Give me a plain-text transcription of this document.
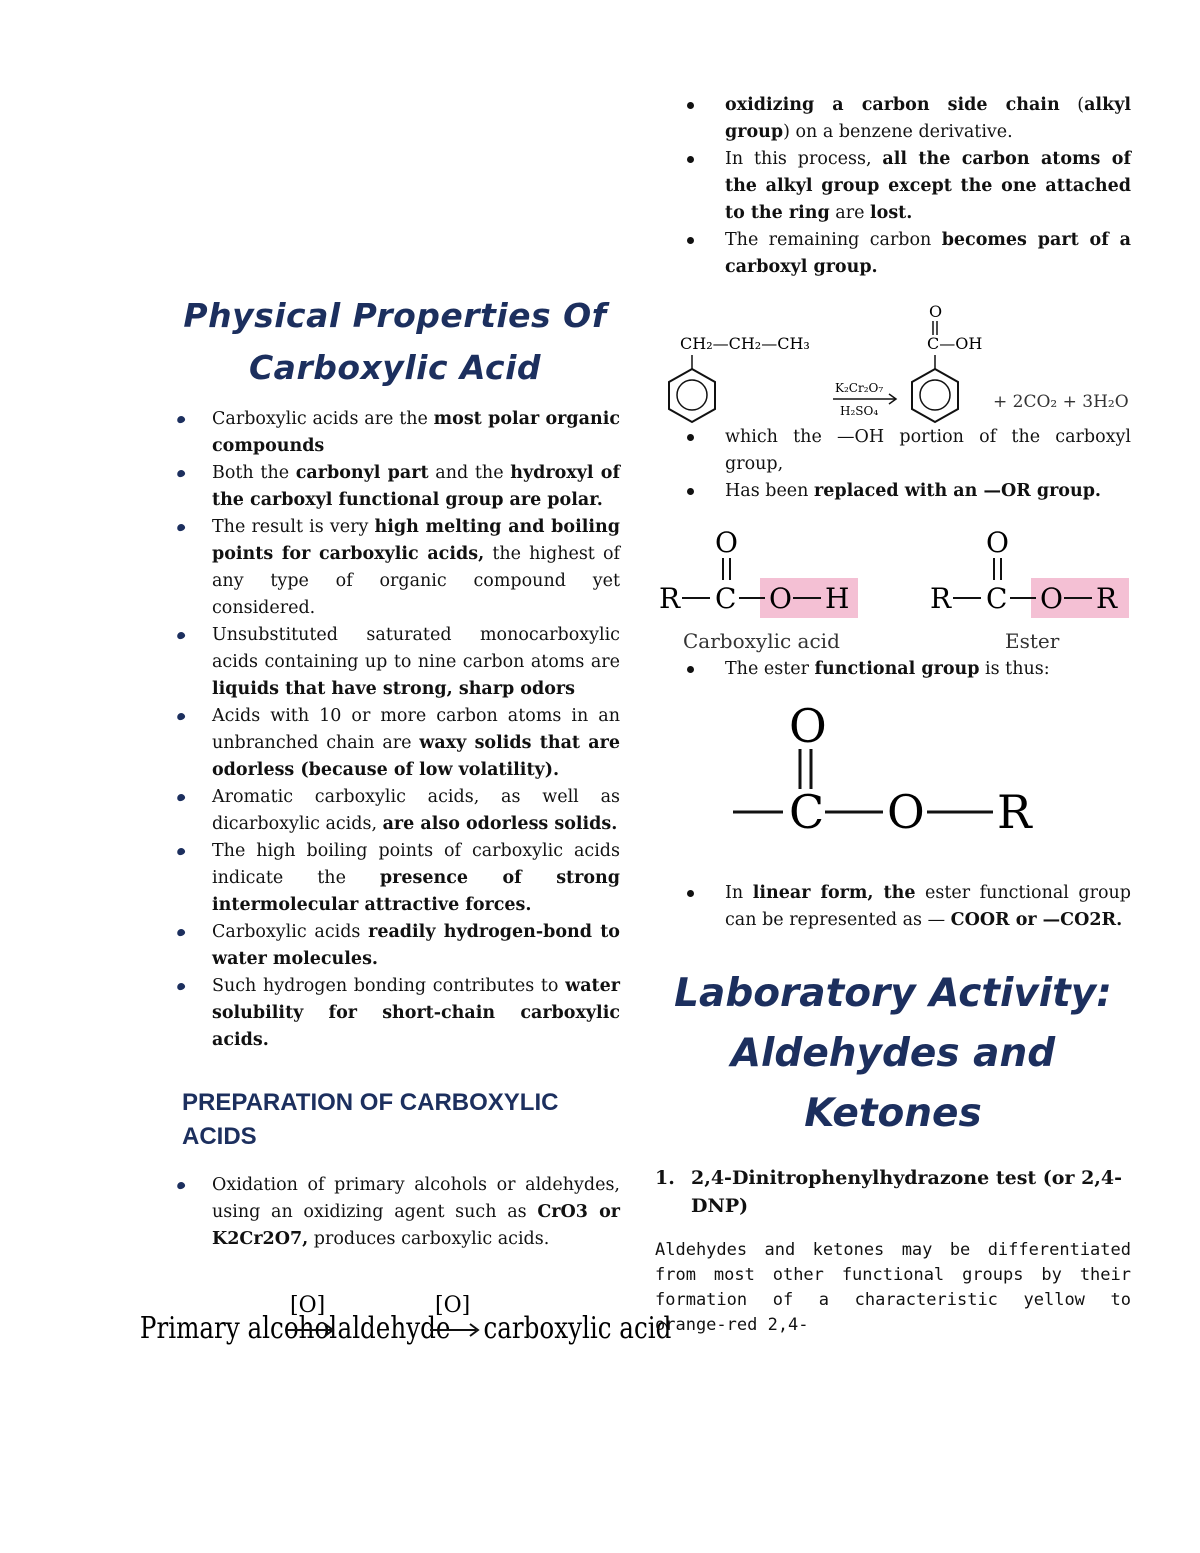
Physical Properties Of
Carboxylic Acid
Carboxylic acids are the most polar organic compounds
Both the carbonyl part and the hydroxyl of the carboxyl functional group are polar.
The result is very high melting and boiling points for carboxylic acids, the highest of any type of organic compound yet considered.
Unsubstituted saturated monocarboxylic acids containing up to nine carbon atoms are liquids that have strong, sharp odors
Acids with 10 or more carbon atoms in an unbranched chain are waxy solids that are odorless (because of low volatility).
Aromatic carboxylic acids, as well as dicarboxylic acids, are also odorless solids.
The high boiling points of carboxylic acids indicate the presence of strong intermolecular attractive forces.
Carboxylic acids readily hydrogen-bond to water molecules.
Such hydrogen bonding contributes to water solubility for short-chain carboxylic acids.
PREPARATION OF CARBOXYLIC ACIDS
Oxidation of primary alcohols or aldehydes, using an oxidizing agent such as CrO3 or K2Cr2O7, produces carboxylic acids.
Primary alcohol
[O]
aldehyde
[O]
carboxylic acid
oxidizing a carbon side chain (alkyl group) on a benzene derivative.
In this process, all the carbon atoms of the alkyl group except the one attached to the ring are lost.
The remaining carbon becomes part of a carboxyl group.
CH₂—CH₂—CH₃
K₂Cr₂O₇
H₂SO₄
O
C—OH
+ 2CO₂ + 3H₂O
which the —OH portion of the carboxyl group,
Has been replaced with an —OR group.
O
R C O H
O
R C O R
Carboxylic acid	Ester
The ester functional group is thus:
O
C O R
In linear form, the ester functional group can be represented as — COOR or —CO2R.
Laboratory Activity:
Aldehydes and Ketones
1. 2,4-Dinitrophenylhydrazone test (or 2,4-DNP)
Aldehydes and ketones may be differentiated from most other functional groups by their formation of a characteristic yellow to orange-red 2,4-
